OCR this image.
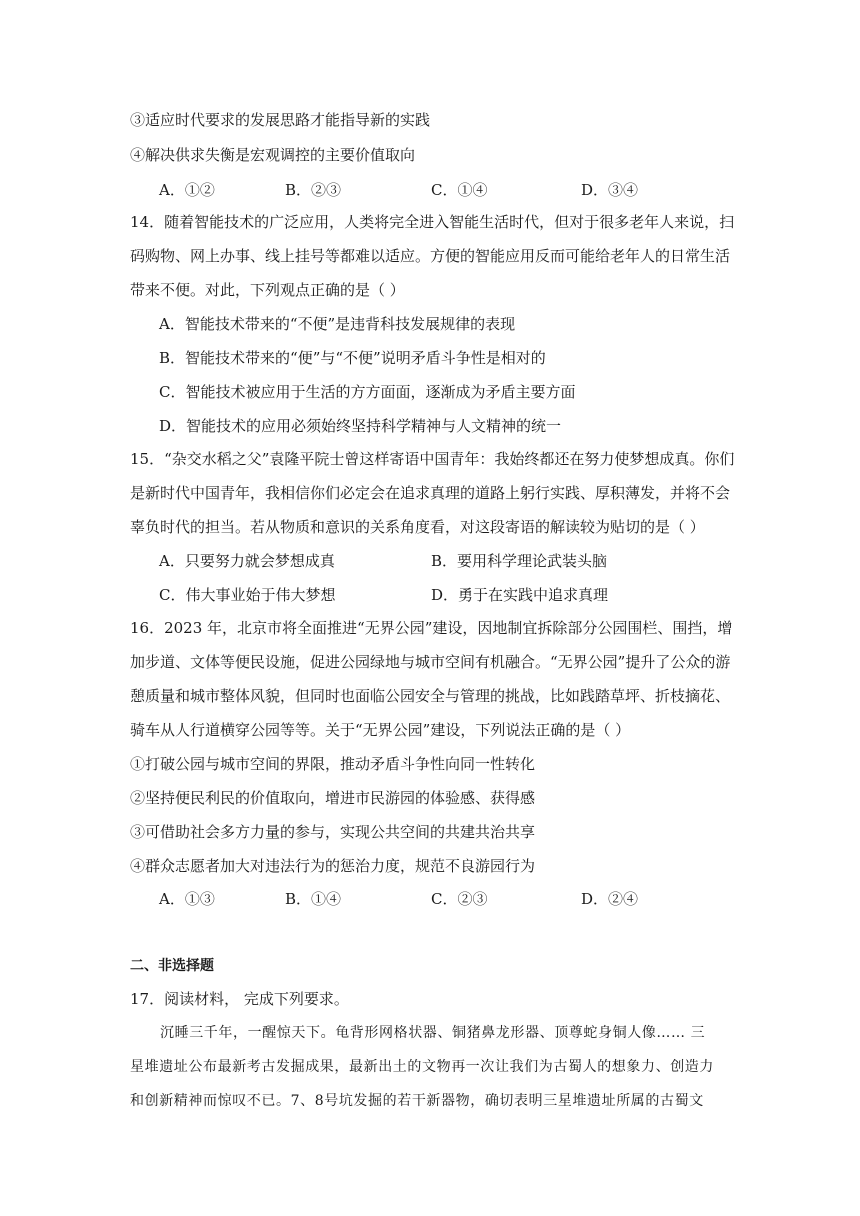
③适应时代要求的发展思路才能指导新的实践
④解决供求失衡是宏观调控的主要价值取向
A．①②	B．②③	C．①④	D．③④
14．随着智能技术的广泛应用，人类将完全进入智能生活时代，但对于很多老年人来说，扫
码购物、网上办事、线上挂号等都难以适应。方便的智能应用反而可能给老年人的日常生活
带来不便。对此，下列观点正确的是（ ）
A．智能技术带来的“不便”是违背科技发展规律的表现
B．智能技术带来的“便”与“不便”说明矛盾斗争性是相对的
C．智能技术被应用于生活的方方面面，逐渐成为矛盾主要方面
D．智能技术的应用必须始终坚持科学精神与人文精神的统一
15．“杂交水稻之父”袁隆平院士曾这样寄语中国青年：我始终都还在努力使梦想成真。你们
是新时代中国青年，我相信你们必定会在追求真理的道路上躬行实践、厚积薄发，并将不会
辜负时代的担当。若从物质和意识的关系角度看，对这段寄语的解读较为贴切的是（ ）
A．只要努力就会梦想成真	B．要用科学理论武装头脑
C．伟大事业始于伟大梦想	D．勇于在实践中追求真理
16．2023 年，北京市将全面推进“无界公园”建设，因地制宜拆除部分公园围栏、围挡，增
加步道、文体等便民设施，促进公园绿地与城市空间有机融合。“无界公园”提升了公众的游
憩质量和城市整体风貌，但同时也面临公园安全与管理的挑战，比如践踏草坪、折枝摘花、
骑车从人行道横穿公园等等。关于“无界公园”建设，下列说法正确的是（ ）
①打破公园与城市空间的界限，推动矛盾斗争性向同一性转化
②坚持便民利民的价值取向，增进市民游园的体验感、获得感
③可借助社会多方力量的参与，实现公共空间的共建共治共享
④群众志愿者加大对违法行为的惩治力度，规范不良游园行为
A．①③	B．①④	C．②③	D．②④
二、非选择题
17．阅读材料， 完成下列要求。
沉睡三千年，一醒惊天下。龟背形网格状器、铜猪鼻龙形器、顶尊蛇身铜人像…… 三
星堆遗址公布最新考古发掘成果，最新出土的文物再一次让我们为古蜀人的想象力、创造力
和创新精神而惊叹不已。7、8号坑发掘的若干新器物，确切表明三星堆遗址所属的古蜀文
